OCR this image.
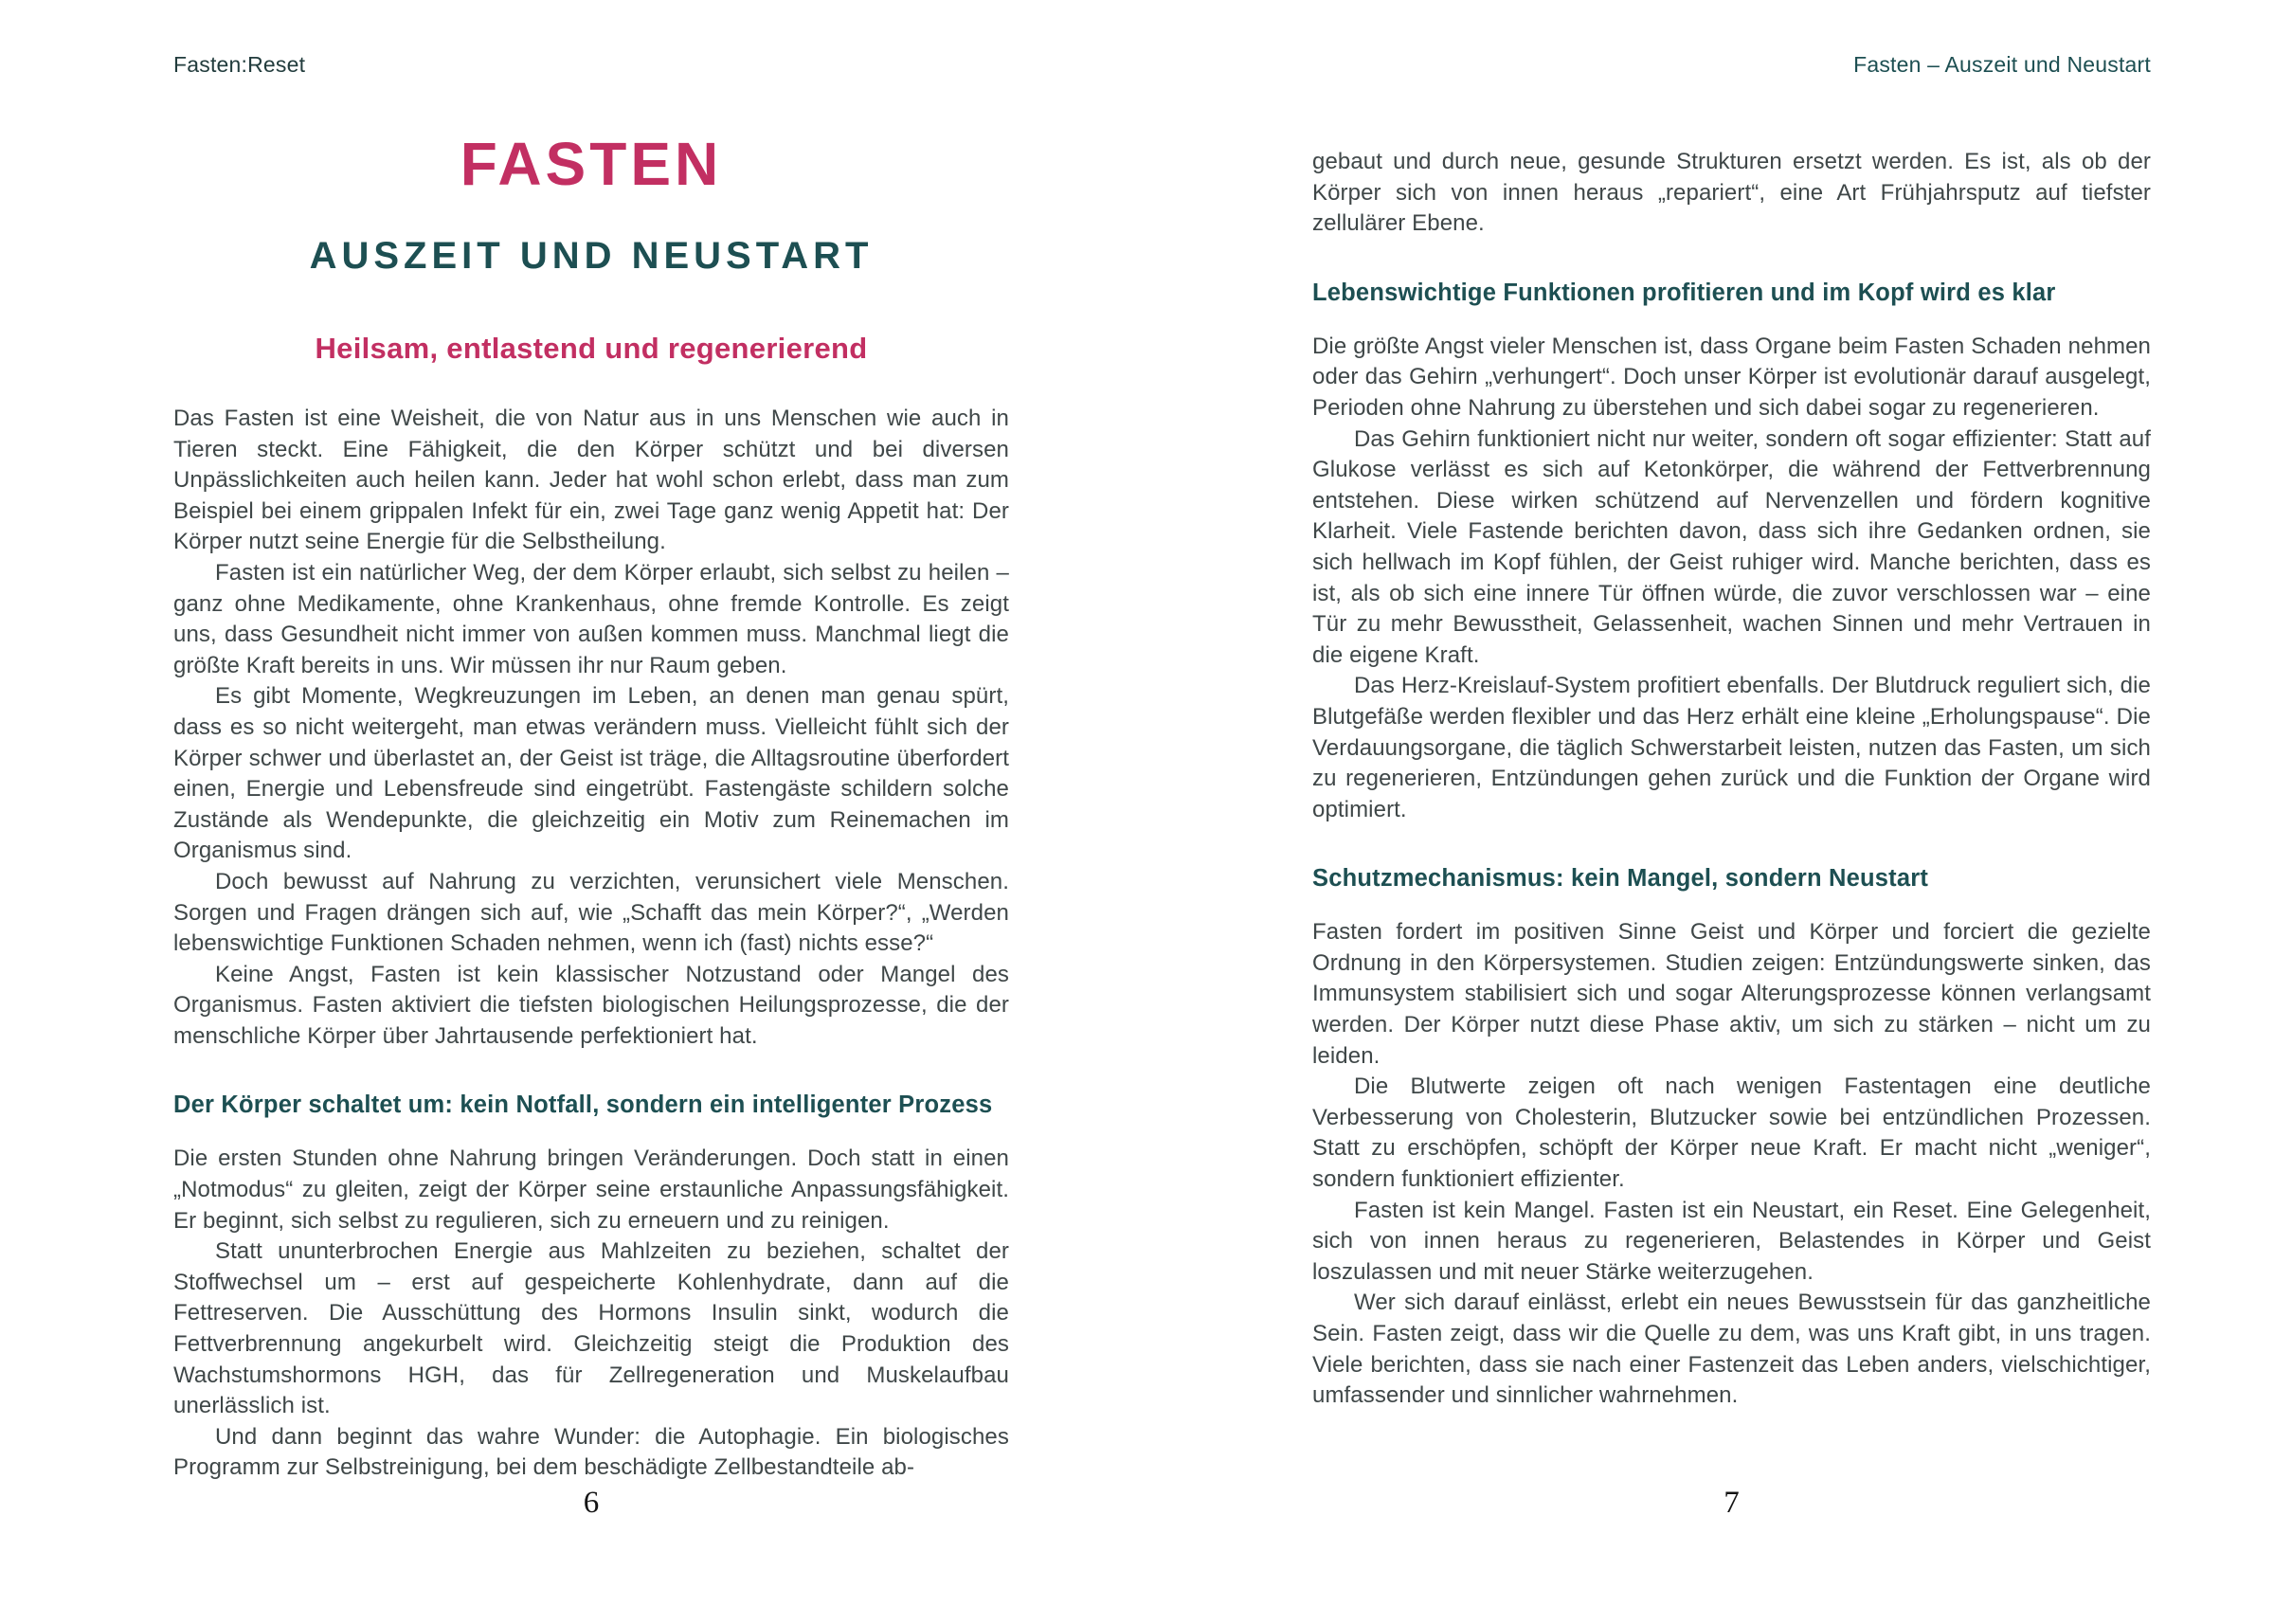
Fasten:Reset	Fasten – Auszeit und Neustart
FASTEN
AUSZEIT UND NEUSTART
Heilsam, entlastend und regenerierend

Das Fasten ist eine Weisheit, die von Natur aus in uns Menschen wie auch in Tieren steckt. Eine Fähigkeit, die den Körper schützt und bei diversen Unpässlichkeiten auch heilen kann. Jeder hat wohl schon erlebt, dass man zum Beispiel bei einem grippalen Infekt für ein, zwei Tage ganz wenig Appetit hat: Der Körper nutzt seine Energie für die Selbstheilung.

Fasten ist ein natürlicher Weg, der dem Körper erlaubt, sich selbst zu heilen – ganz ohne Medikamente, ohne Krankenhaus, ohne fremde Kontrolle. Es zeigt uns, dass Gesundheit nicht immer von außen kommen muss. Manchmal liegt die größte Kraft bereits in uns. Wir müssen ihr nur Raum geben.

Es gibt Momente, Wegkreuzungen im Leben, an denen man genau spürt, dass es so nicht weitergeht, man etwas verändern muss. Vielleicht fühlt sich der Körper schwer und überlastet an, der Geist ist träge, die Alltagsroutine überfordert einen, Energie und Lebensfreude sind eingetrübt. Fastengäste schildern solche Zustände als Wendepunkte, die gleichzeitig ein Motiv zum Reinemachen im Organismus sind.

Doch bewusst auf Nahrung zu verzichten, verunsichert viele Menschen. Sorgen und Fragen drängen sich auf, wie „Schafft das mein Körper?“, „Werden lebenswichtige Funktionen Schaden nehmen, wenn ich (fast) nichts esse?“

Keine Angst, Fasten ist kein klassischer Notzustand oder Mangel des Organismus. Fasten aktiviert die tiefsten biologischen Heilungsprozesse, die der menschliche Körper über Jahrtausende perfektioniert hat.

Der Körper schaltet um: kein Notfall, sondern ein intelligenter Prozess

Die ersten Stunden ohne Nahrung bringen Veränderungen. Doch statt in einen „Notmodus“ zu gleiten, zeigt der Körper seine erstaunliche Anpassungsfähigkeit. Er beginnt, sich selbst zu regulieren, sich zu erneuern und zu reinigen.

Statt ununterbrochen Energie aus Mahlzeiten zu beziehen, schaltet der Stoffwechsel um – erst auf gespeicherte Kohlenhydrate, dann auf die Fettreserven. Die Ausschüttung des Hormons Insulin sinkt, wodurch die Fettverbrennung angekurbelt wird. Gleichzeitig steigt die Produktion des Wachstumshormons HGH, das für Zellregeneration und Muskelaufbau unerlässlich ist.

Und dann beginnt das wahre Wunder: die Autophagie. Ein biologisches Programm zur Selbstreinigung, bei dem beschädigte Zellbestandteile ab-

gebaut und durch neue, gesunde Strukturen ersetzt werden. Es ist, als ob der Körper sich von innen heraus „repariert“, eine Art Frühjahrsputz auf tiefster zellulärer Ebene.

Lebenswichtige Funktionen profitieren und im Kopf wird es klar

Die größte Angst vieler Menschen ist, dass Organe beim Fasten Schaden nehmen oder das Gehirn „verhungert“. Doch unser Körper ist evolutionär darauf ausgelegt, Perioden ohne Nahrung zu überstehen und sich dabei sogar zu regenerieren.

Das Gehirn funktioniert nicht nur weiter, sondern oft sogar effizienter: Statt auf Glukose verlässt es sich auf Ketonkörper, die während der Fettverbrennung entstehen. Diese wirken schützend auf Nervenzellen und fördern kognitive Klarheit. Viele Fastende berichten davon, dass sich ihre Gedanken ordnen, sie sich hellwach im Kopf fühlen, der Geist ruhiger wird. Manche berichten, dass es ist, als ob sich eine innere Tür öffnen würde, die zuvor verschlossen war – eine Tür zu mehr Bewusstheit, Gelassenheit, wachen Sinnen und mehr Vertrauen in die eigene Kraft.

Das Herz-Kreislauf-System profitiert ebenfalls. Der Blutdruck reguliert sich, die Blutgefäße werden flexibler und das Herz erhält eine kleine „Erholungspause“. Die Verdauungsorgane, die täglich Schwerstarbeit leisten, nutzen das Fasten, um sich zu regenerieren, Entzündungen gehen zurück und die Funktion der Organe wird optimiert.

Schutzmechanismus: kein Mangel, sondern Neustart

Fasten fordert im positiven Sinne Geist und Körper und forciert die gezielte Ordnung in den Körpersystemen. Studien zeigen: Entzündungswerte sinken, das Immunsystem stabilisiert sich und sogar Alterungsprozesse können verlangsamt werden. Der Körper nutzt diese Phase aktiv, um sich zu stärken – nicht um zu leiden.

Die Blutwerte zeigen oft nach wenigen Fastentagen eine deutliche Verbesserung von Cholesterin, Blutzucker sowie bei entzündlichen Prozessen. Statt zu erschöpfen, schöpft der Körper neue Kraft. Er macht nicht „weniger“, sondern funktioniert effizienter.

Fasten ist kein Mangel. Fasten ist ein Neustart, ein Reset. Eine Gelegenheit, sich von innen heraus zu regenerieren, Belastendes in Körper und Geist loszulassen und mit neuer Stärke weiterzugehen.

Wer sich darauf einlässt, erlebt ein neues Bewusstsein für das ganzheitliche Sein. Fasten zeigt, dass wir die Quelle zu dem, was uns Kraft gibt, in uns tragen. Viele berichten, dass sie nach einer Fastenzeit das Leben anders, vielschichtiger, umfassender und sinnlicher wahrnehmen.

6	7
